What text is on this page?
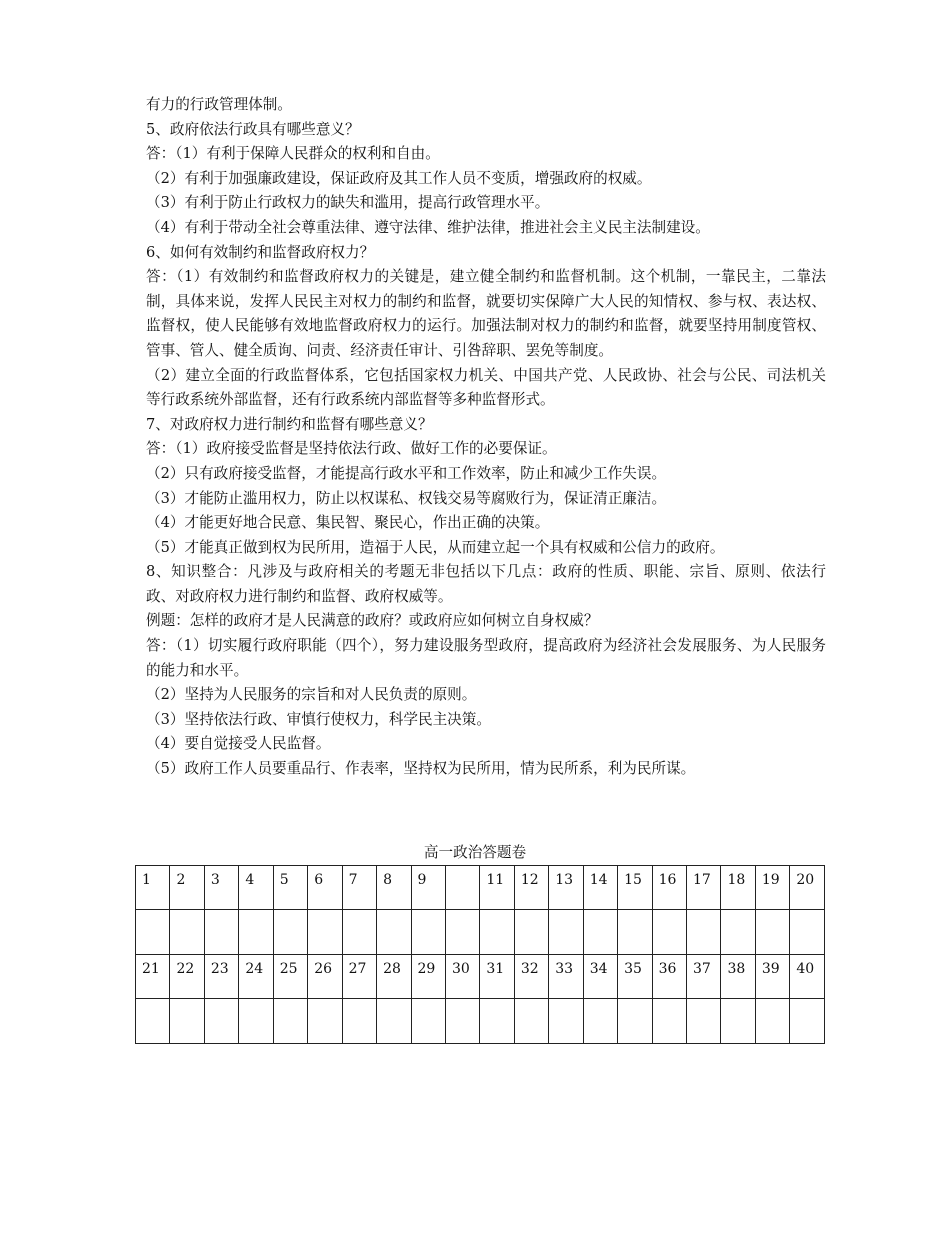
有力的行政管理体制。

5、政府依法行政具有哪些意义？

答：（1）有利于保障人民群众的权利和自由。

（2）有利于加强廉政建设，保证政府及其工作人员不变质，增强政府的权威。

（3）有利于防止行政权力的缺失和滥用，提高行政管理水平。

（4）有利于带动全社会尊重法律、遵守法律、维护法律，推进社会主义民主法制建设。

6、如何有效制约和监督政府权力？

答：（1）有效制约和监督政府权力的关键是，建立健全制约和监督机制。这个机制，一靠民主，二靠法制，具体来说，发挥人民民主对权力的制约和监督，就要切实保障广大人民的知情权、参与权、表达权、监督权，使人民能够有效地监督政府权力的运行。加强法制对权力的制约和监督，就要坚持用制度管权、管事、管人、健全质询、问责、经济责任审计、引咎辞职、罢免等制度。

（2）建立全面的行政监督体系，它包括国家权力机关、中国共产党、人民政协、社会与公民、司法机关等行政系统外部监督，还有行政系统内部监督等多种监督形式。

7、对政府权力进行制约和监督有哪些意义？

答：（1）政府接受监督是坚持依法行政、做好工作的必要保证。

（2）只有政府接受监督，才能提高行政水平和工作效率，防止和减少工作失误。

（3）才能防止滥用权力，防止以权谋私、权钱交易等腐败行为，保证清正廉洁。

（4）才能更好地合民意、集民智、聚民心，作出正确的决策。

（5）才能真正做到权为民所用，造福于人民，从而建立起一个具有权威和公信力的政府。

8、知识整合：凡涉及与政府相关的考题无非包括以下几点：政府的性质、职能、宗旨、原则、依法行政、对政府权力进行制约和监督、政府权威等。

例题：怎样的政府才是人民满意的政府？或政府应如何树立自身权威？

答：（1）切实履行政府职能（四个），努力建设服务型政府，提高政府为经济社会发展服务、为人民服务的能力和水平。

（2）坚持为人民服务的宗旨和对人民负责的原则。

（3）坚持依法行政、审慎行使权力，科学民主决策。

（4）要自觉接受人民监督。

（5）政府工作人员要重品行、作表率，坚持权为民所用，情为民所系，利为民所谋。

高一政治答题卷
1	2	3	4	5	6	7	8	9		11	12	13	14	15	16	17	18	19	20

21	22	23	24	25	26	27	28	29	30	31	32	33	34	35	36	37	38	39	40
